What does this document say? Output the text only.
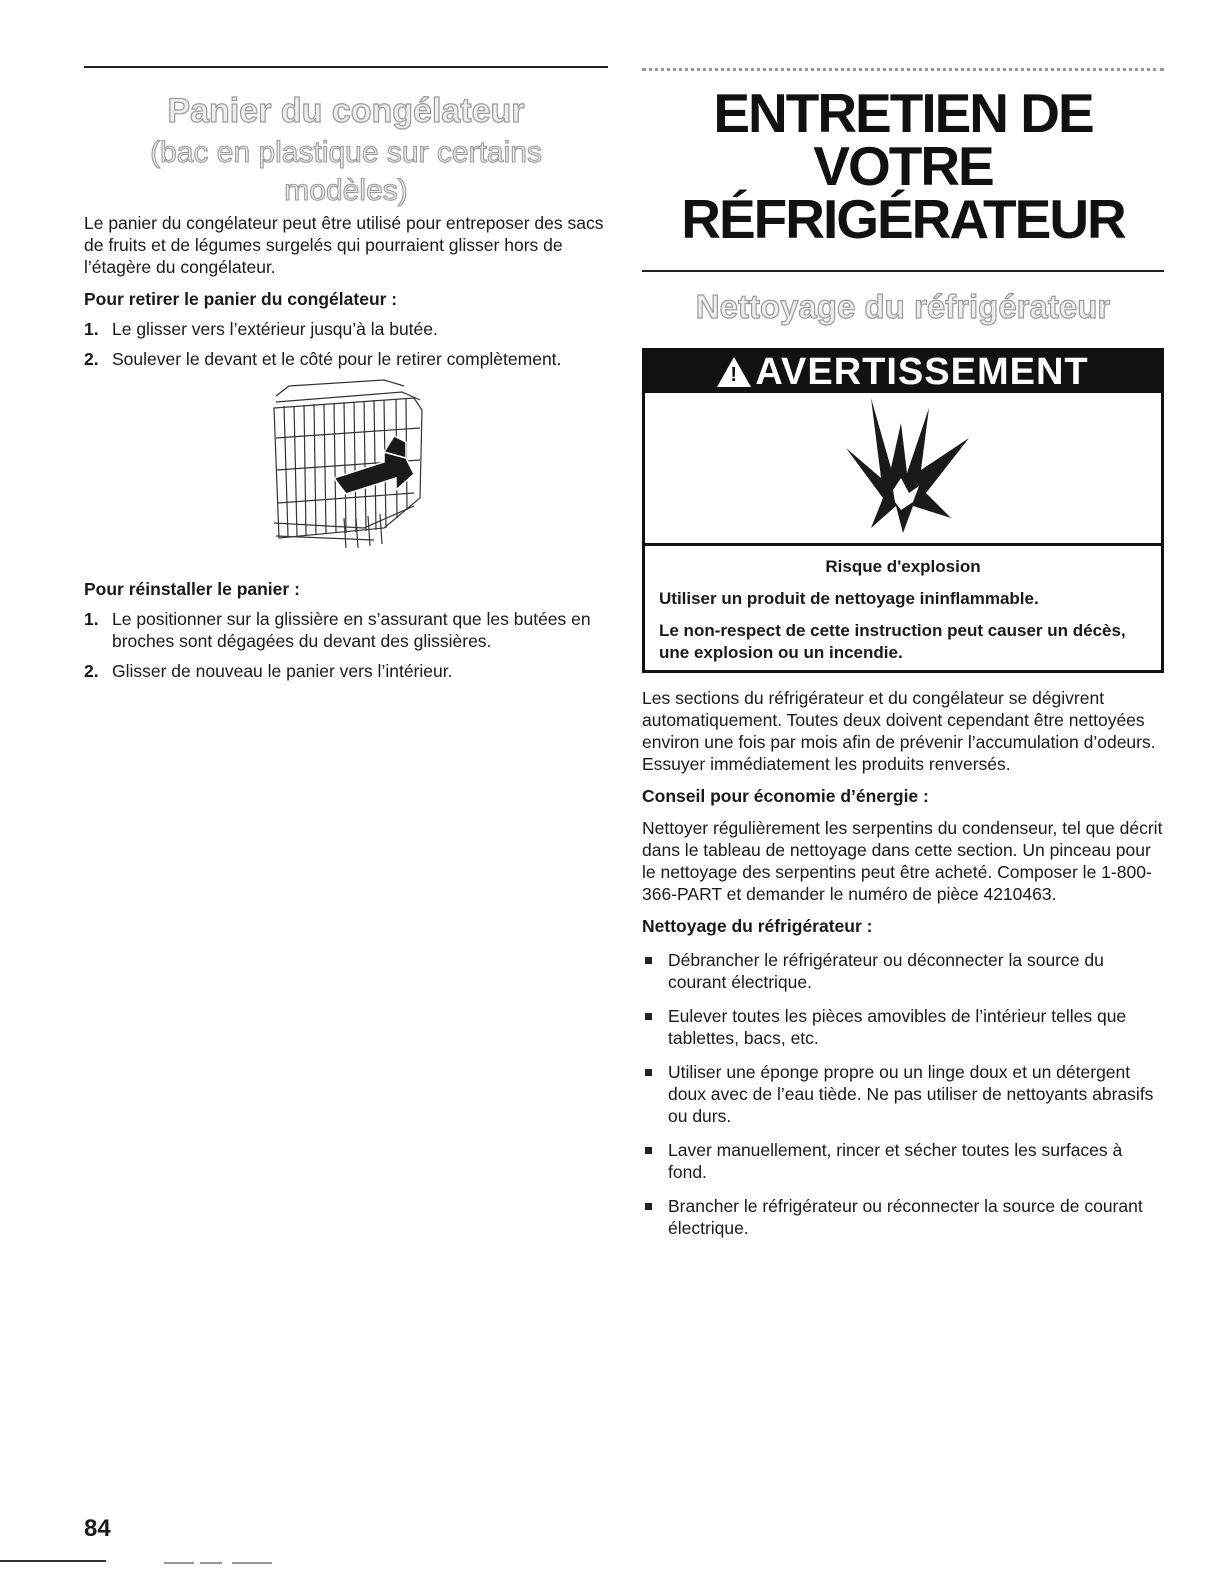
Panier du congélateur

(bac en plastique sur certains modèles)

Le panier du congélateur peut être utilisé pour entreposer des sacs de fruits et de légumes surgelés qui pourraient glisser hors de l’étagère du congélateur.

Pour retirer le panier du congélateur :
1. Le glisser vers l’extérieur jusqu’à la butée.
2. Soulever le devant et le côté pour le retirer complètement.
Pour réinstaller le panier :
1. Le positionner sur la glissière en s’assurant que les butées en broches sont dégagées du devant des glissières.
2. Glisser de nouveau le panier vers l’intérieur.
ENTRETIEN DE
VOTRE
RÉFRIGÉRATEUR
Nettoyage du réfrigérateur
! AVERTISSEMENT

Risque d'explosion

Utiliser un produit de nettoyage ininflammable.

Le non-respect de cette instruction peut causer un décès, une explosion ou un incendie.

Les sections du réfrigérateur et du congélateur se dégivrent automatiquement. Toutes deux doivent cependant être nettoyées environ une fois par mois afin de prévenir l’accumulation d’odeurs. Essuyer immédiatement les produits renversés.

Conseil pour économie d’énergie :

Nettoyer régulièrement les serpentins du condenseur, tel que décrit dans le tableau de nettoyage dans cette section. Un pinceau pour le nettoyage des serpentins peut être acheté. Composer le 1-800-366-PART et demander le numéro de pièce 4210463.

Nettoyage du réfrigérateur :
Débrancher le réfrigérateur ou déconnecter la source du courant électrique.
Eulever toutes les pièces amovibles de l’intérieur telles que tablettes, bacs, etc.
Utiliser une éponge propre ou un linge doux et un détergent doux avec de l’eau tiède. Ne pas utiliser de nettoyants abrasifs ou durs.
Laver manuellement, rincer et sécher toutes les surfaces à fond.
Brancher le réfrigérateur ou réconnecter la source de courant électrique.
84
